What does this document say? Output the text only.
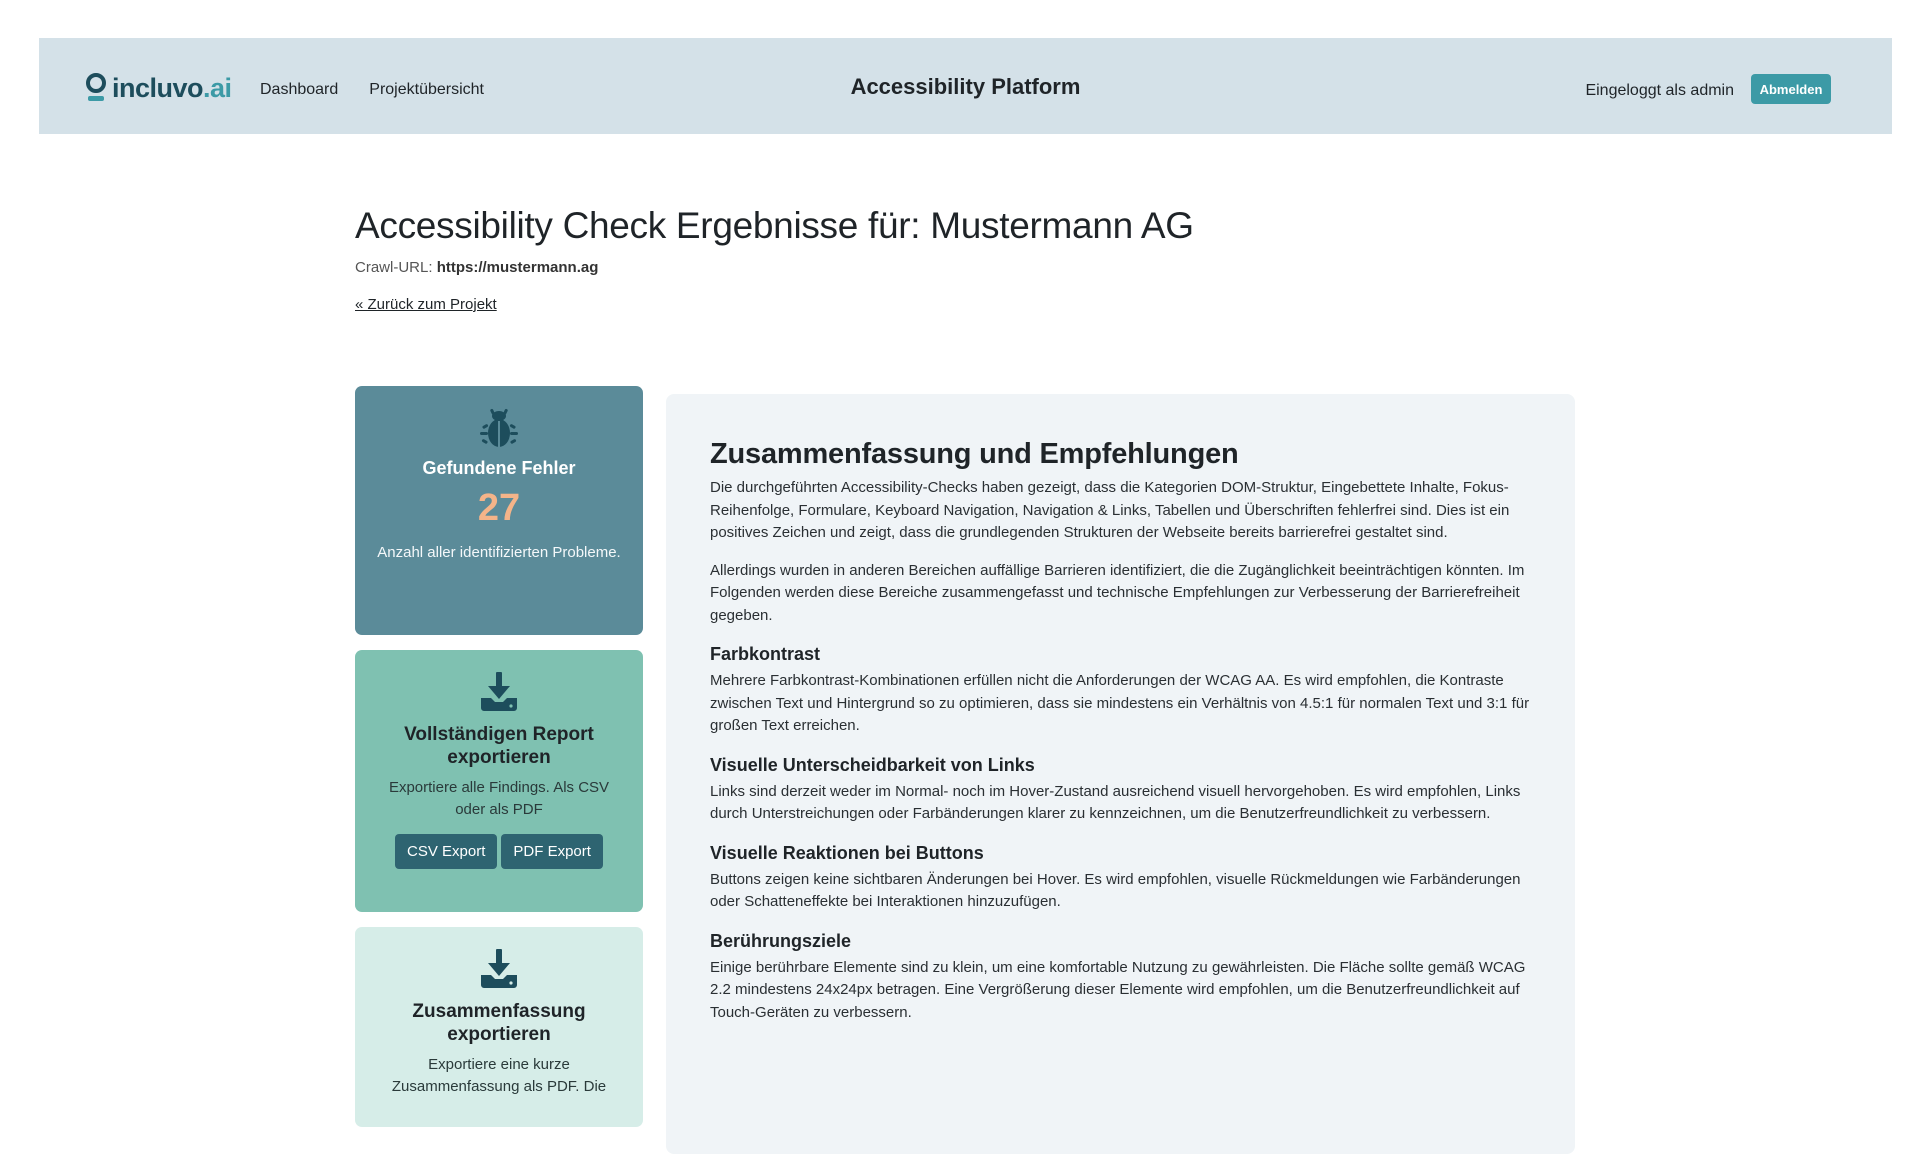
incluvo .ai Dashboard Projektübersicht	Accessibility Platform	Eingeloggt als admin	Abmelden
Accessibility Check Ergebnisse für: Mustermann AG
Crawl-URL: https://mustermann.ag
« Zurück zum Projekt
Gefundene Fehler
27

Anzahl aller identifizierten Probleme.

Vollständigen Report exportieren

Exportiere alle Findings. Als CSV oder als PDF

CSV Export	PDF Export
Zusammenfassung exportieren

Exportiere eine kurze Zusammenfassung als PDF. Die

Zusammenfassung und Empfehlungen

Die durchgeführten Accessibility-Checks haben gezeigt, dass die Kategorien DOM-Struktur, Eingebettete Inhalte, Fokus-Reihenfolge, Formulare, Keyboard Navigation, Navigation & Links, Tabellen und Überschriften fehlerfrei sind. Dies ist ein positives Zeichen und zeigt, dass die grundlegenden Strukturen der Webseite bereits barrierefrei gestaltet sind.

Allerdings wurden in anderen Bereichen auffällige Barrieren identifiziert, die die Zugänglichkeit beeinträchtigen könnten. Im Folgenden werden diese Bereiche zusammengefasst und technische Empfehlungen zur Verbesserung der Barrierefreiheit gegeben.

Farbkontrast

Mehrere Farbkontrast-Kombinationen erfüllen nicht die Anforderungen der WCAG AA. Es wird empfohlen, die Kontraste zwischen Text und Hintergrund so zu optimieren, dass sie mindestens ein Verhältnis von 4.5:1 für normalen Text und 3:1 für großen Text erreichen.

Visuelle Unterscheidbarkeit von Links

Links sind derzeit weder im Normal- noch im Hover-Zustand ausreichend visuell hervorgehoben. Es wird empfohlen, Links durch Unterstreichungen oder Farbänderungen klarer zu kennzeichnen, um die Benutzerfreundlichkeit zu verbessern.

Visuelle Reaktionen bei Buttons

Buttons zeigen keine sichtbaren Änderungen bei Hover. Es wird empfohlen, visuelle Rückmeldungen wie Farbänderungen oder Schatteneffekte bei Interaktionen hinzuzufügen.

Berührungsziele

Einige berührbare Elemente sind zu klein, um eine komfortable Nutzung zu gewährleisten. Die Fläche sollte gemäß WCAG 2.2 mindestens 24x24px betragen. Eine Vergrößerung dieser Elemente wird empfohlen, um die Benutzerfreundlichkeit auf Touch-Geräten zu verbessern.
